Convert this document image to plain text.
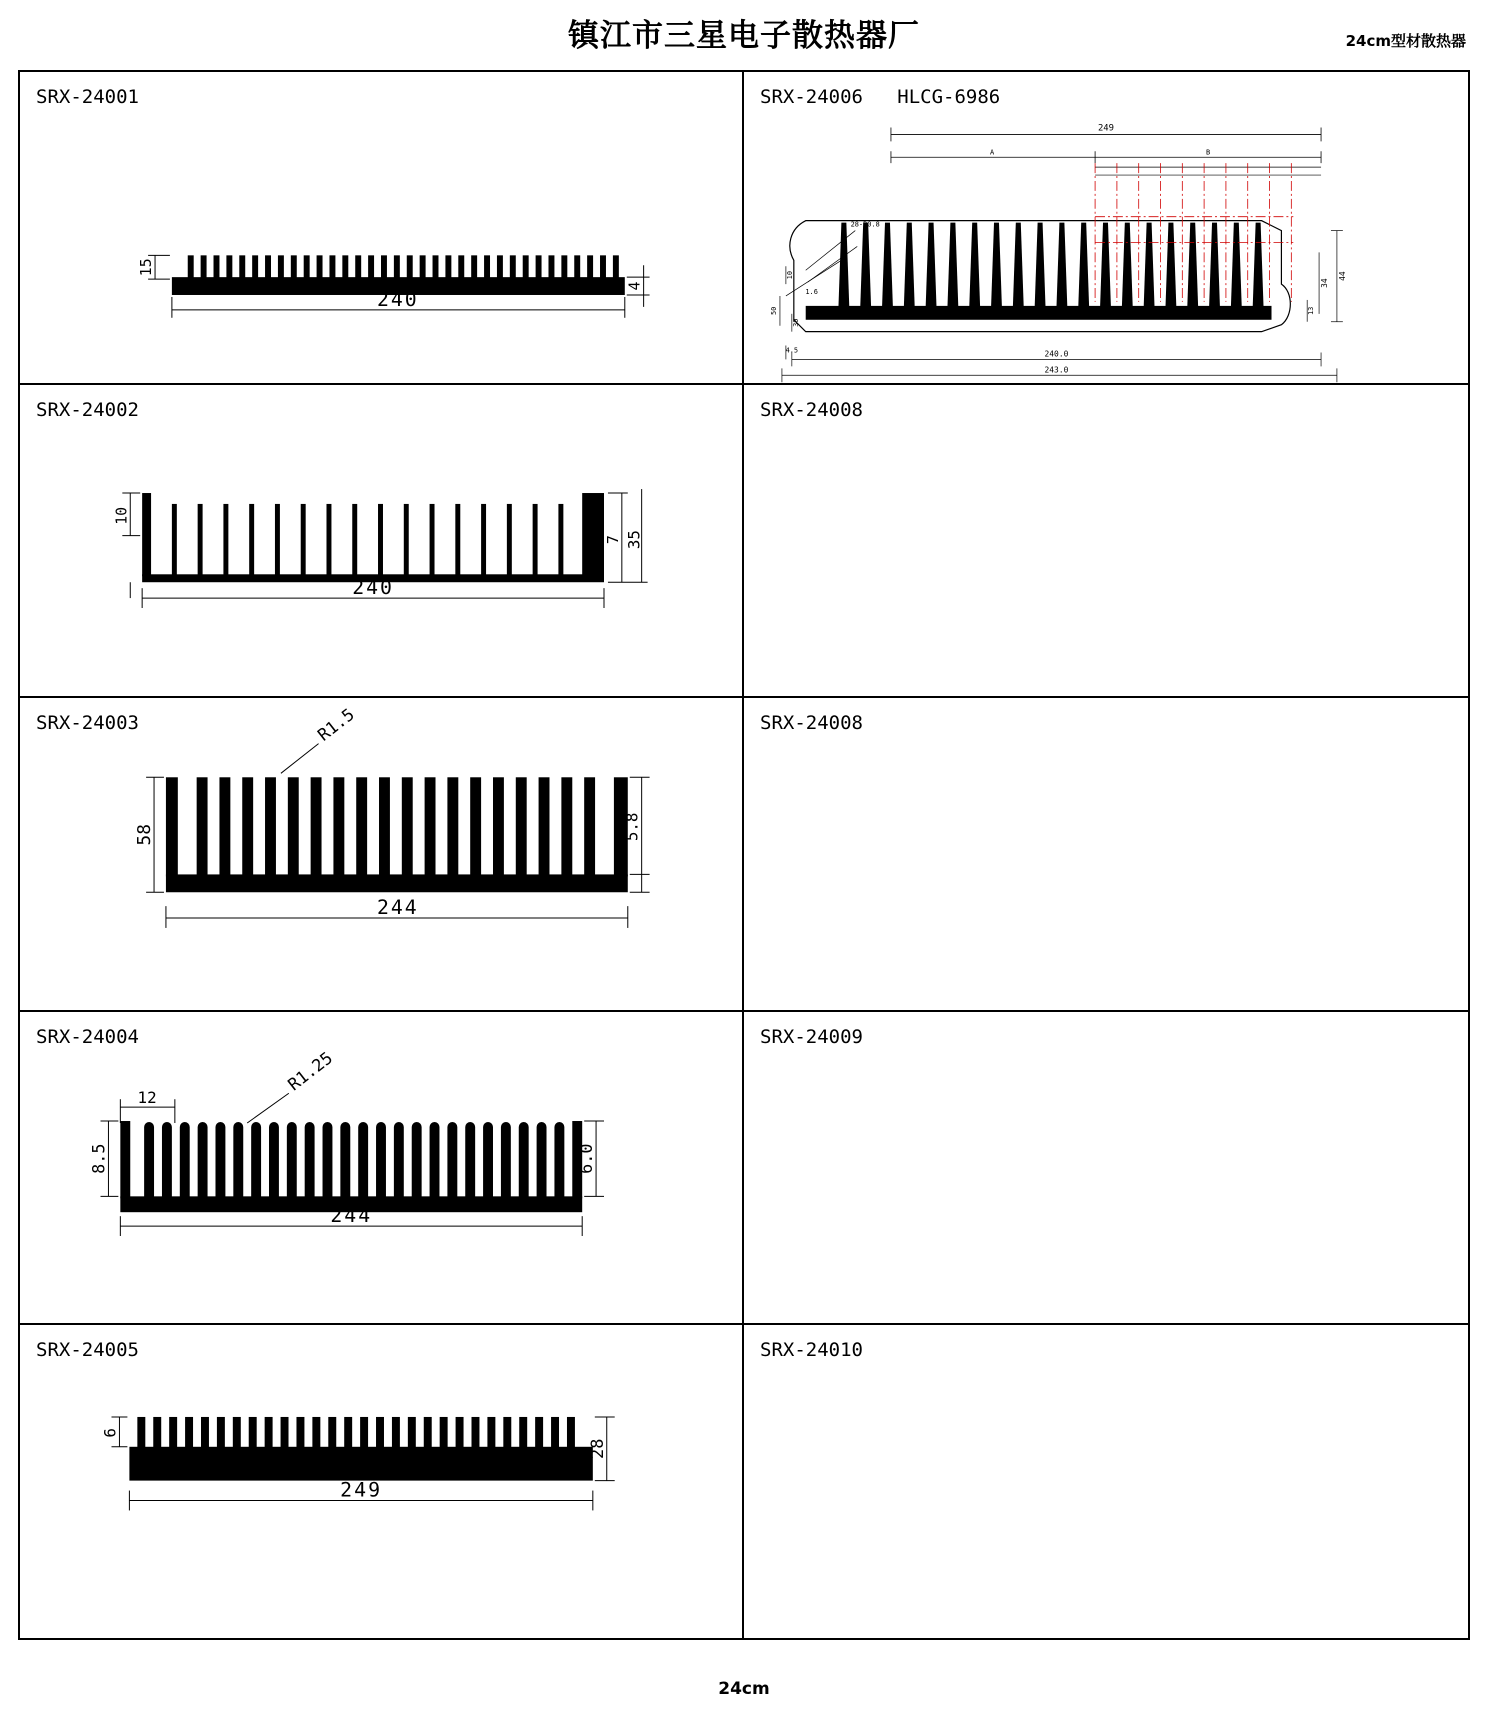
镇江市三星电子散热器厂	24cm型材散热器
SRX-24001
15
4
240
SRX-24006   HLCG-6986
249
A	B
240.0
243.0
44
34
13
10
50
30
4.5
28-R0.8
1.6
SRX-24002
10
7 35
240
SRX-24008
SRX-24003
58	5.8
244
R1.5	SRX-24008
SRX-24004
8.5
12
6.0
244
R1.25
SRX-24009
SRX-24005
6
28
249
SRX-24010
24cm
